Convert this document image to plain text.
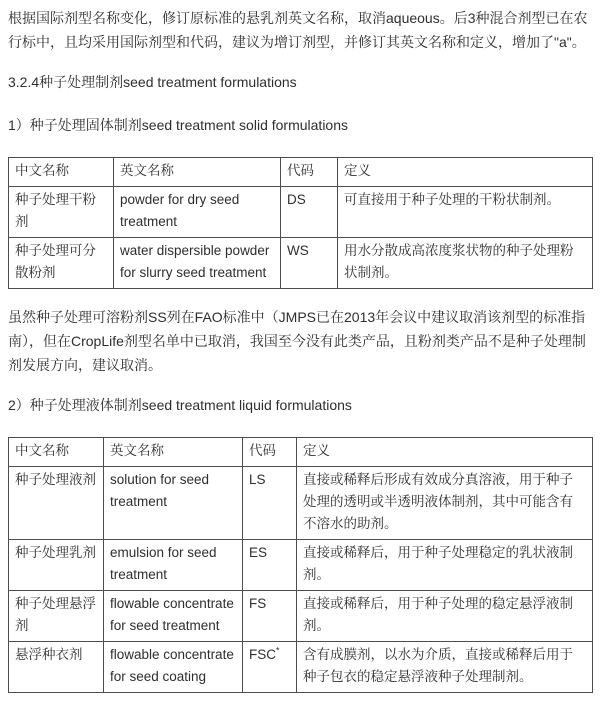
根据国际剂型名称变化，修订原标准的悬乳剂英文名称，取消aqueous。后3种混合剂型已在农行标中，且均采用国际剂型和代码，建议为增订剂型，并修订其英文名称和定义，增加了"a"。

3.2.4种子处理制剂seed treatment formulations
1）种子处理固体制剂seed treatment solid formulations
中文名称	英文名称	代码	定义
种子处理干粉剂	powder for dry seed treatment	DS	可直接用于种子处理的干粉状制剂。
种子处理可分散粉剂	water dispersible powder for slurry seed treatment	WS	用水分散成高浓度浆状物的种子处理粉状制剂。

虽然种子处理可溶粉剂SS列在FAO标准中（JMPS已在2013年会议中建议取消该剂型的标准指南），但在CropLife剂型名单中已取消，我国至今没有此类产品，且粉剂类产品不是种子处理制剂发展方向，建议取消。

2）种子处理液体制剂seed treatment liquid formulations
中文名称	英文名称	代码	定义
种子处理液剂	solution for seed treatment	LS	直接或稀释后形成有效成分真溶液，用于种子处理的透明或半透明液体制剂，其中可能含有不溶水的助剂。
种子处理乳剂	emulsion for seed treatment	ES	直接或稀释后，用于种子处理稳定的乳状液制剂。
种子处理悬浮剂	flowable concentrate for seed treatment	FS	直接或稀释后，用于种子处理的稳定悬浮液制剂。
悬浮种衣剂	flowable concentrate for seed coating	FSC*	含有成膜剂，以水为介质，直接或稀释后用于种子包衣的稳定悬浮液种子处理制剂。
